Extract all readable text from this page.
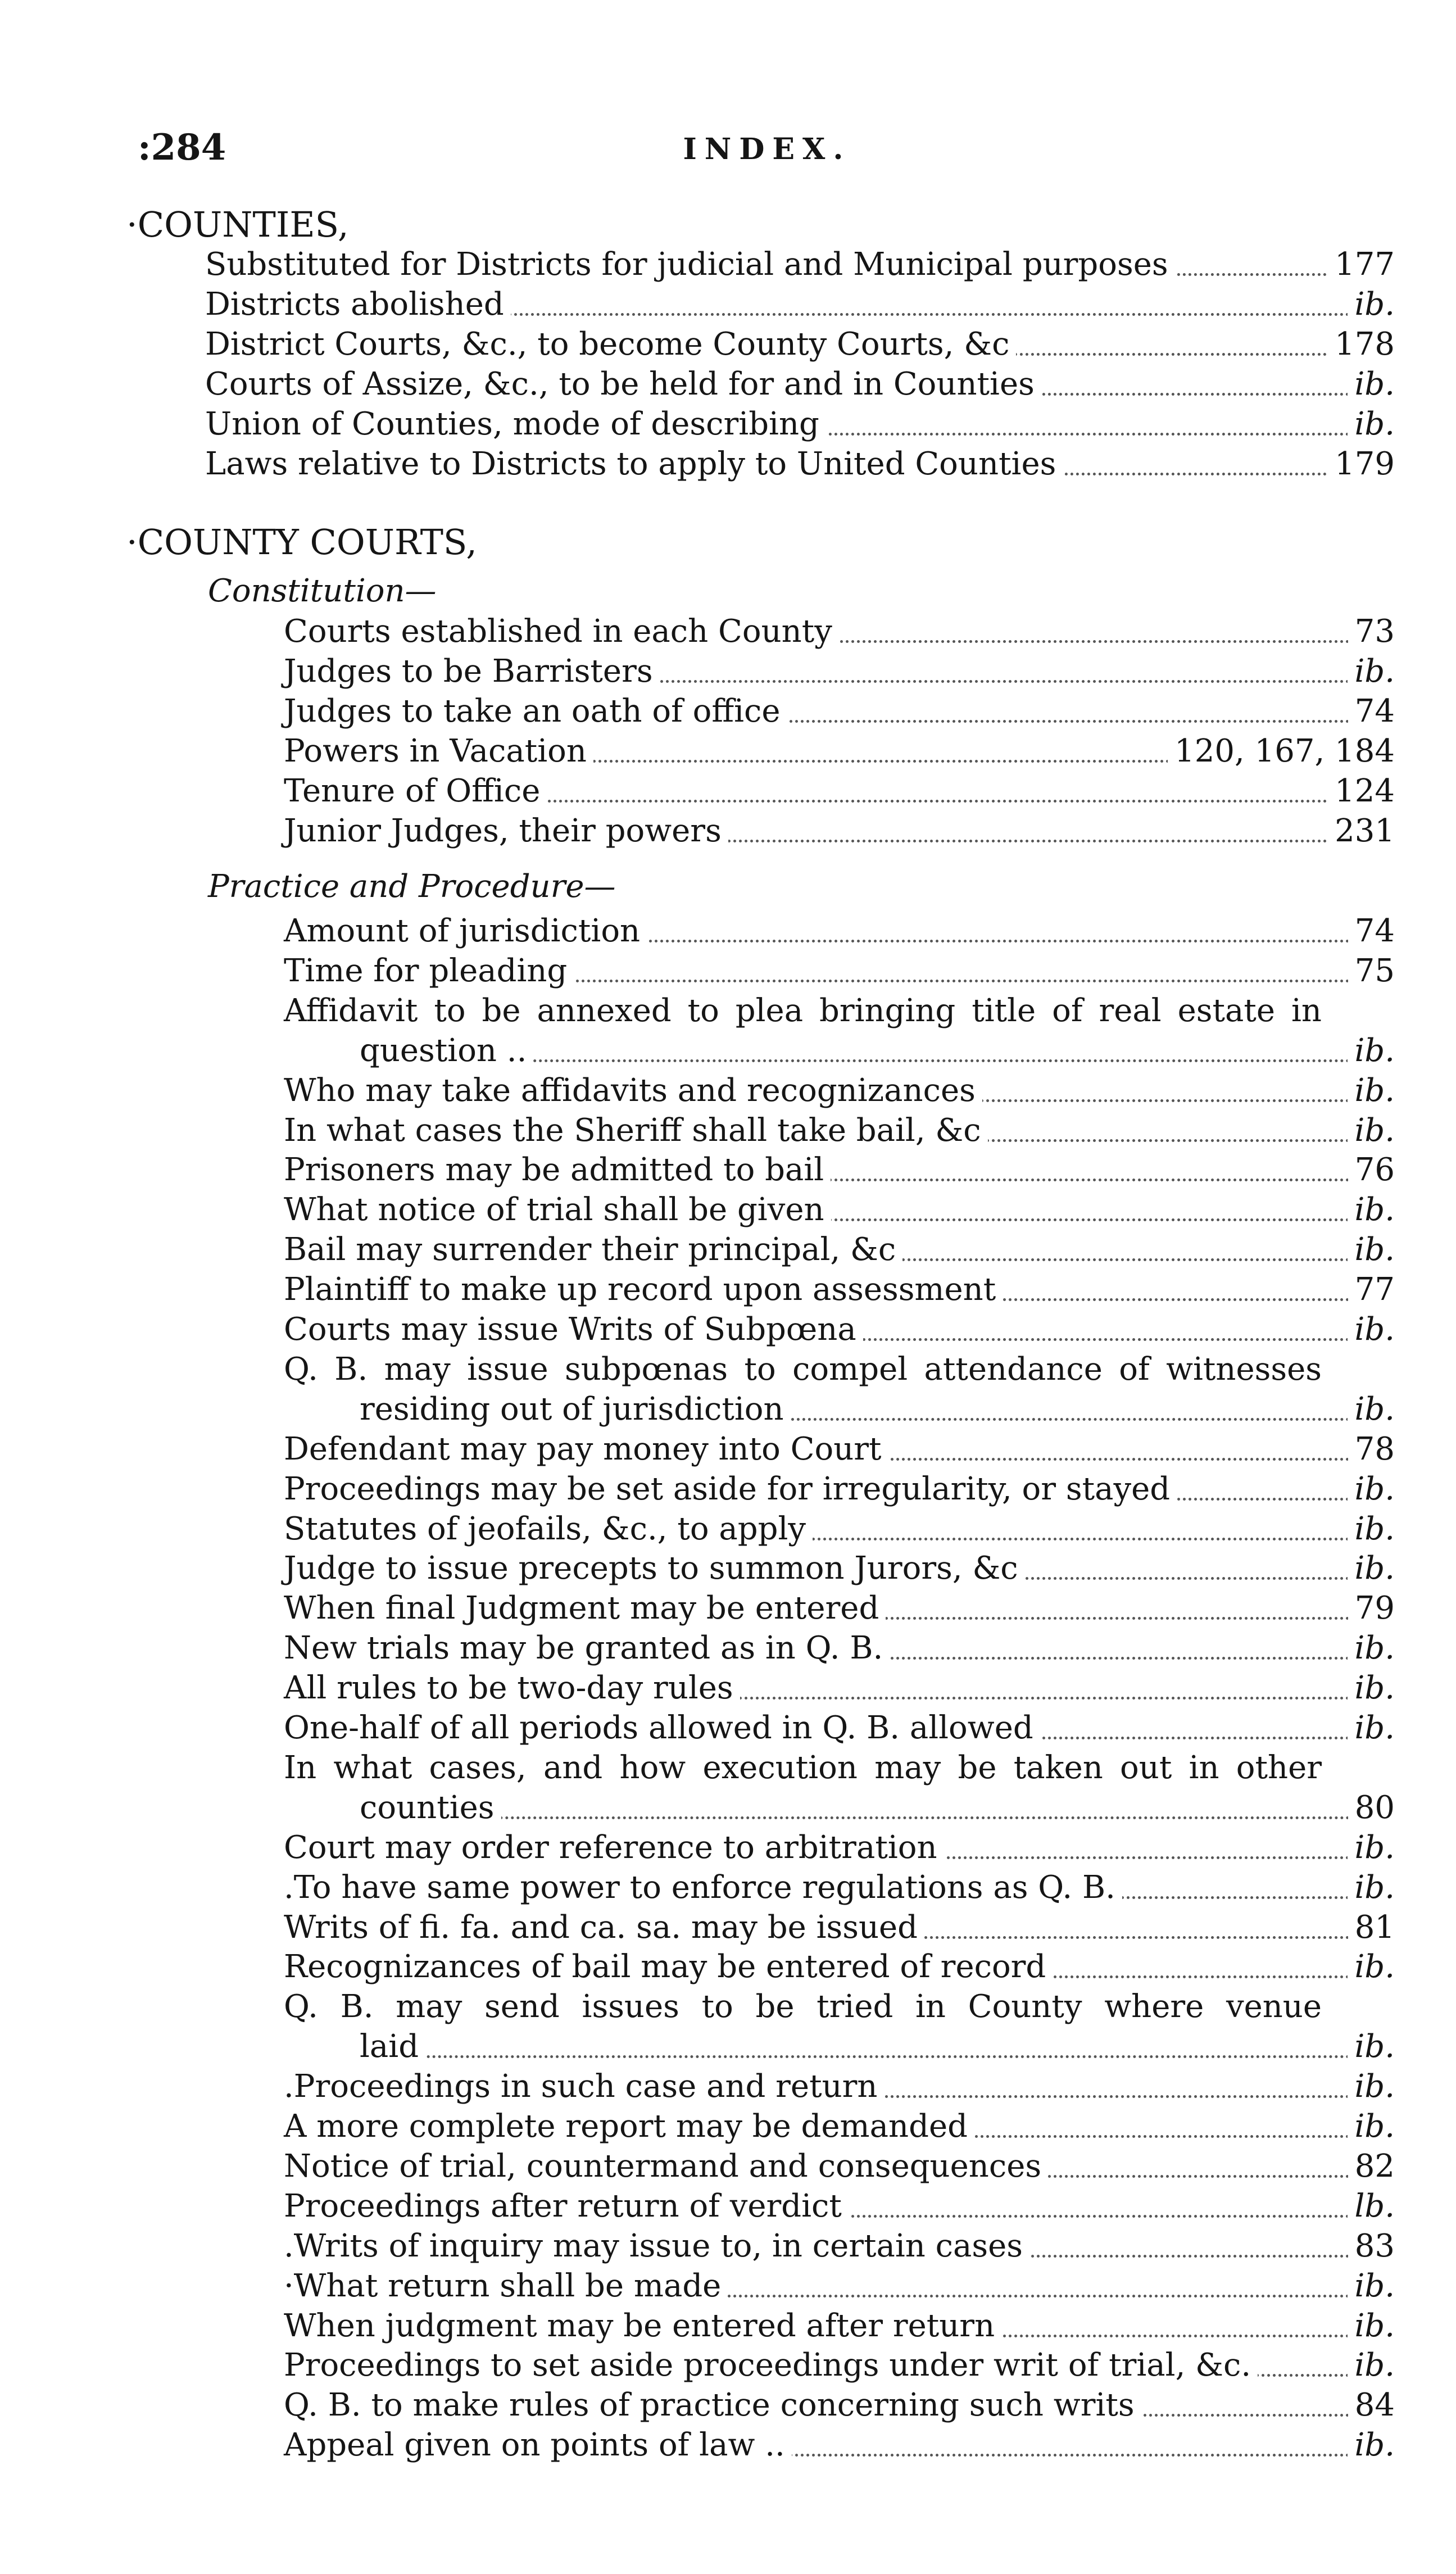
:284	INDEX.
·COUNTIES,
Substituted for Districts for judicial and Municipal purposes	177
Districts abolished	ib.
District Courts, &c., to become County Courts, &c	178
Courts of Assize, &c., to be held for and in Counties	ib.
Union of Counties, mode of describing	ib.
Laws relative to Districts to apply to United Counties	179
·COUNTY COURTS,
Constitution—
Courts established in each County	73
Judges to be Barristers	ib.
Judges to take an oath of office	74
Powers in Vacation	120, 167, 184
Tenure of Office	124
Junior Judges, their powers	231
Practice and Procedure—
Amount of jurisdiction	74
Time for pleading	75
Affidavit to be annexed to plea bringing title of real estate in
question ..	ib.
Who may take affidavits and recognizances	ib.
In what cases the Sheriff shall take bail, &c	ib.
Prisoners may be admitted to bail	76
What notice of trial shall be given	ib.
Bail may surrender their principal, &c	ib.
Plaintiff to make up record upon assessment	77
Courts may issue Writs of Subpœna	ib.
Q. B. may issue subpœnas to compel attendance of witnesses
residing out of jurisdiction	ib.
Defendant may pay money into Court	78
Proceedings may be set aside for irregularity, or stayed	ib.
Statutes of jeofails, &c., to apply	ib.
Judge to issue precepts to summon Jurors, &c	ib.
When final Judgment may be entered	79
New trials may be granted as in Q. B.	ib.
All rules to be two-day rules	ib.
One-half of all periods allowed in Q. B. allowed	ib.
In what cases, and how execution may be taken out in other
counties	80
Court may order reference to arbitration	ib.
.To have same power to enforce regulations as Q. B.	ib.
Writs of fi. fa. and ca. sa. may be issued	81
Recognizances of bail may be entered of record	ib.
Q. B. may send issues to be tried in County where venue
laid	ib.
.Proceedings in such case and return	ib.
A more complete report may be demanded	ib.
Notice of trial, countermand and consequences	82
Proceedings after return of verdict	lb.
.Writs of inquiry may issue to, in certain cases	83
·What return shall be made	ib.
When judgment may be entered after return	ib.
Proceedings to set aside proceedings under writ of trial, &c.	ib.
Q. B. to make rules of practice concerning such writs	84
Appeal given on points of law ..	ib.
